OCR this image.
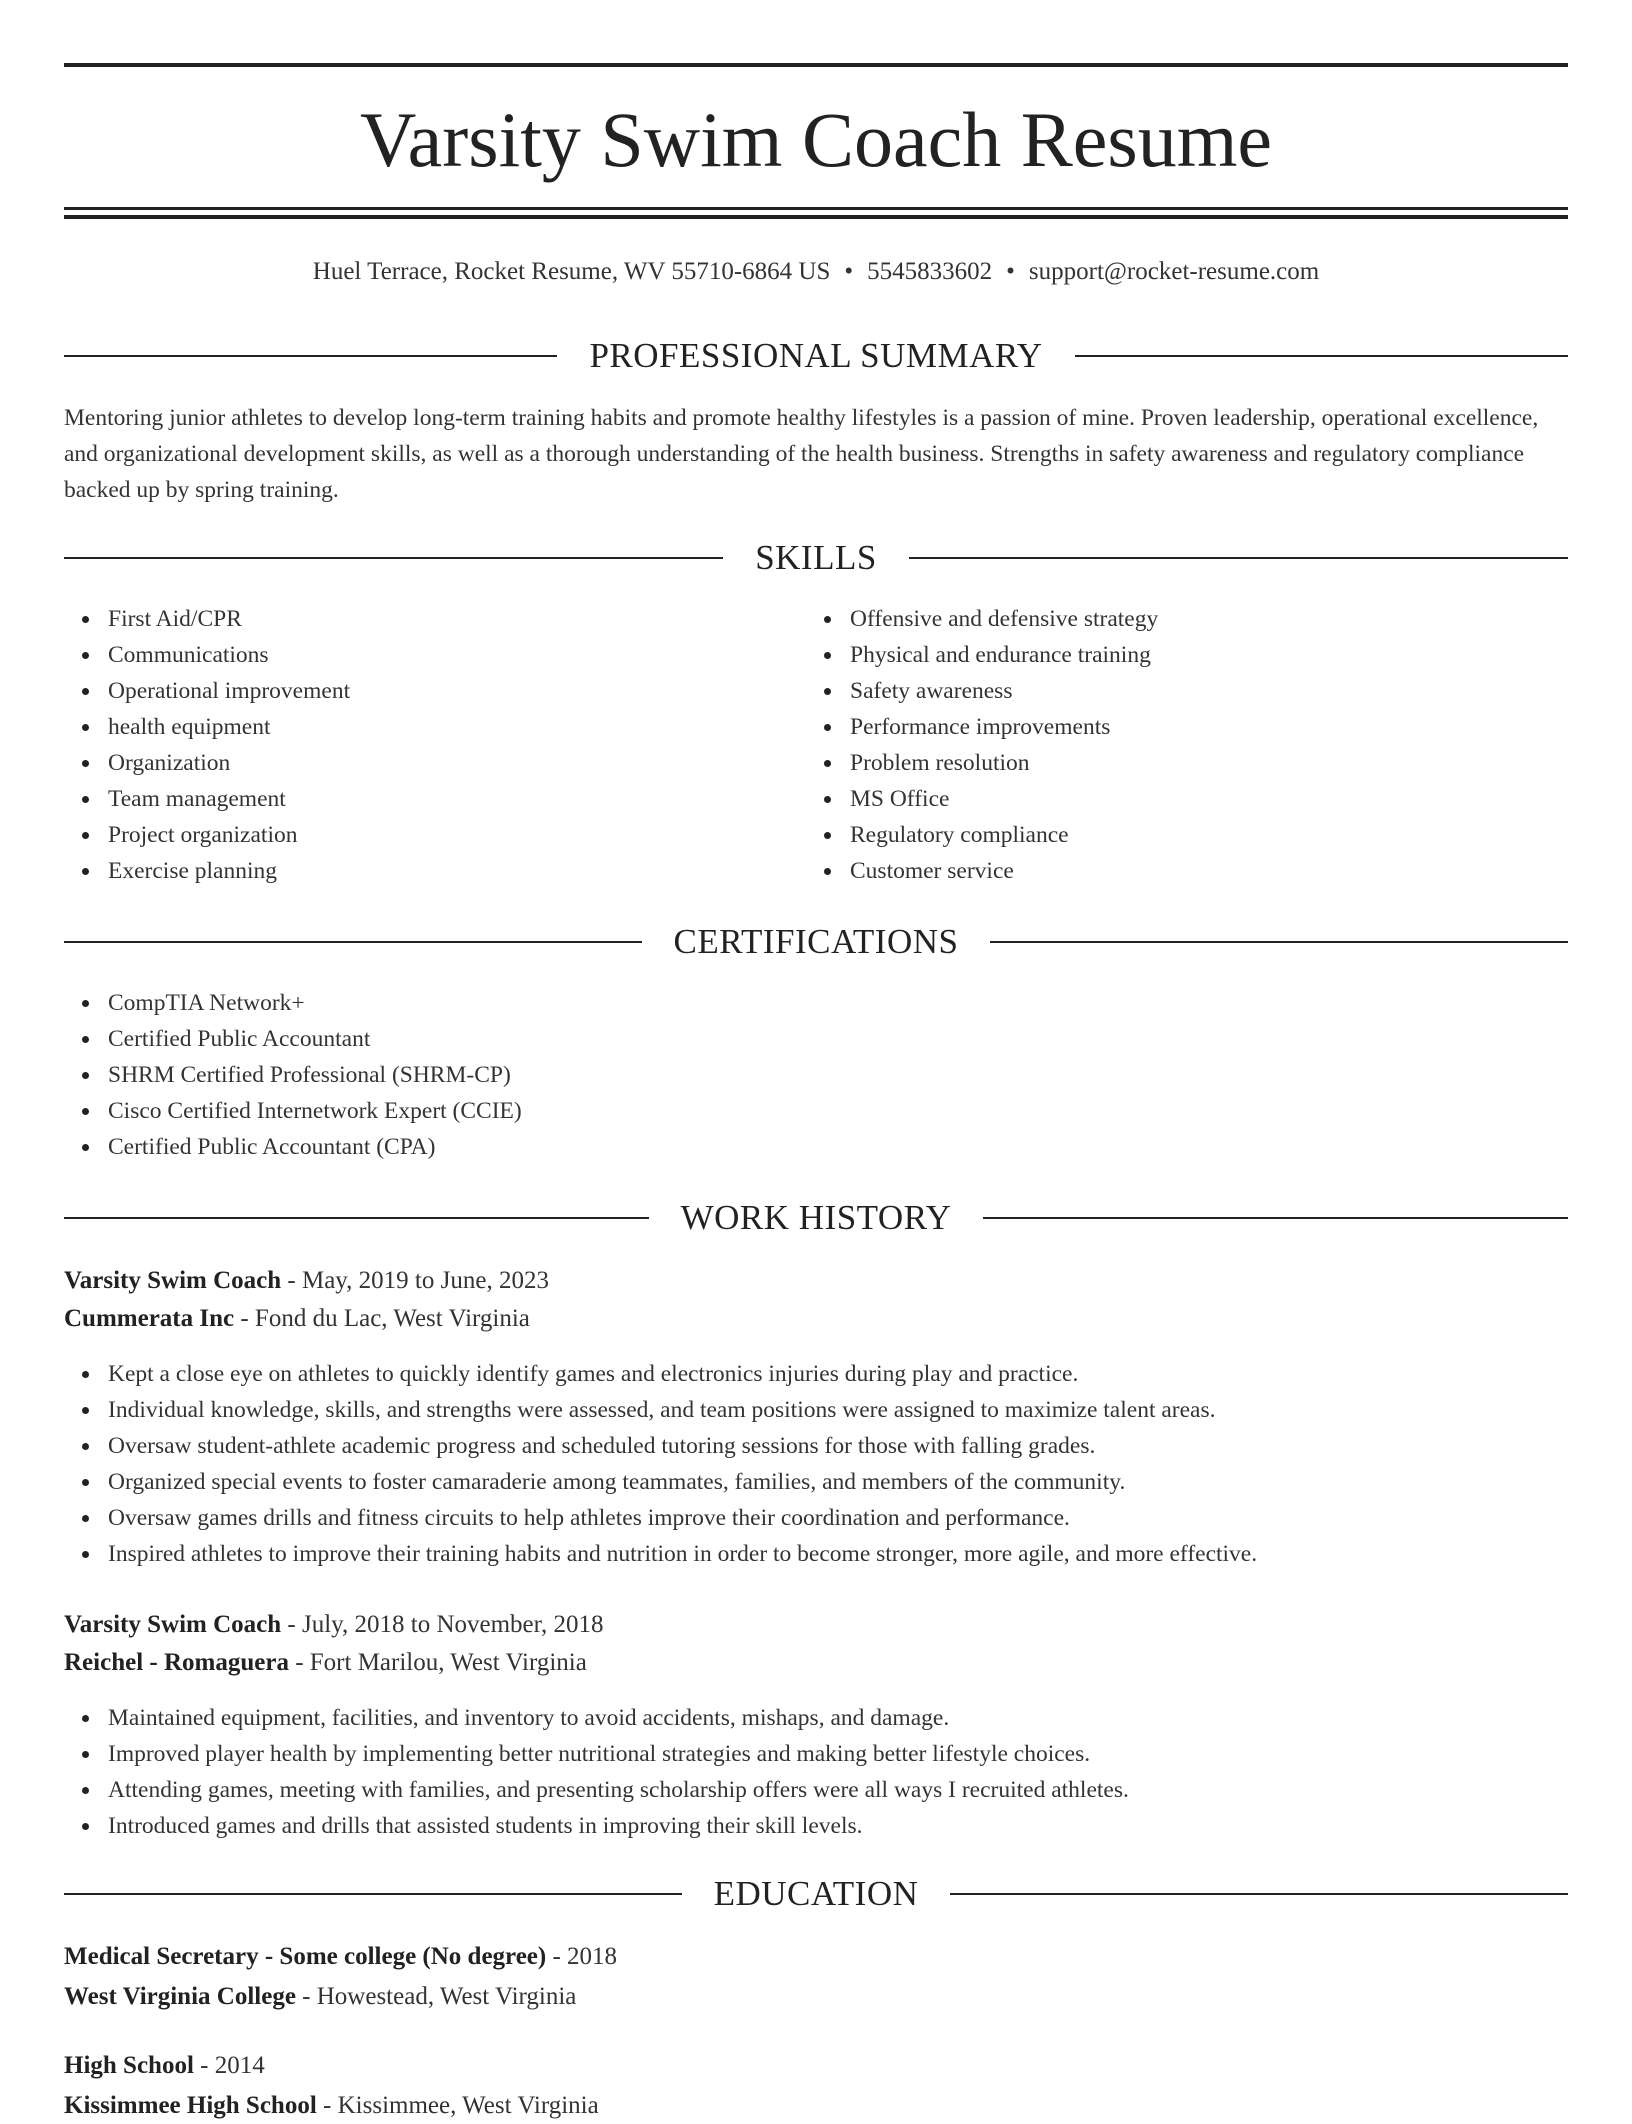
Varsity Swim Coach Resume
Huel Terrace, Rocket Resume, WV 55710-6864 US • 5545833602 • support@rocket-resume.com
PROFESSIONAL SUMMARY

Mentoring junior athletes to develop long-term training habits and promote healthy lifestyles is a passion of mine. Proven leadership, operational excellence, and organizational development skills, as well as a thorough understanding of the health business. Strengths in safety awareness and regulatory compliance backed up by spring training.

SKILLS
First Aid/CPR
Communications
Operational improvement
health equipment
Organization
Team management
Project organization
Exercise planning
Offensive and defensive strategy
Physical and endurance training
Safety awareness
Performance improvements
Problem resolution
MS Office
Regulatory compliance
Customer service
CERTIFICATIONS
CompTIA Network+
Certified Public Accountant
SHRM Certified Professional (SHRM-CP)
Cisco Certified Internetwork Expert (CCIE)
Certified Public Accountant (CPA)
WORK HISTORY
Varsity Swim Coach - May, 2019 to June, 2023
Cummerata Inc - Fond du Lac, West Virginia
Kept a close eye on athletes to quickly identify games and electronics injuries during play and practice.
Individual knowledge, skills, and strengths were assessed, and team positions were assigned to maximize talent areas.
Oversaw student-athlete academic progress and scheduled tutoring sessions for those with falling grades.
Organized special events to foster camaraderie among teammates, families, and members of the community.
Oversaw games drills and fitness circuits to help athletes improve their coordination and performance.
Inspired athletes to improve their training habits and nutrition in order to become stronger, more agile, and more effective.
Varsity Swim Coach - July, 2018 to November, 2018
Reichel - Romaguera - Fort Marilou, West Virginia
Maintained equipment, facilities, and inventory to avoid accidents, mishaps, and damage.
Improved player health by implementing better nutritional strategies and making better lifestyle choices.
Attending games, meeting with families, and presenting scholarship offers were all ways I recruited athletes.
Introduced games and drills that assisted students in improving their skill levels.
EDUCATION
Medical Secretary - Some college (No degree) - 2018
West Virginia College - Howestead, West Virginia
High School - 2014
Kissimmee High School - Kissimmee, West Virginia
